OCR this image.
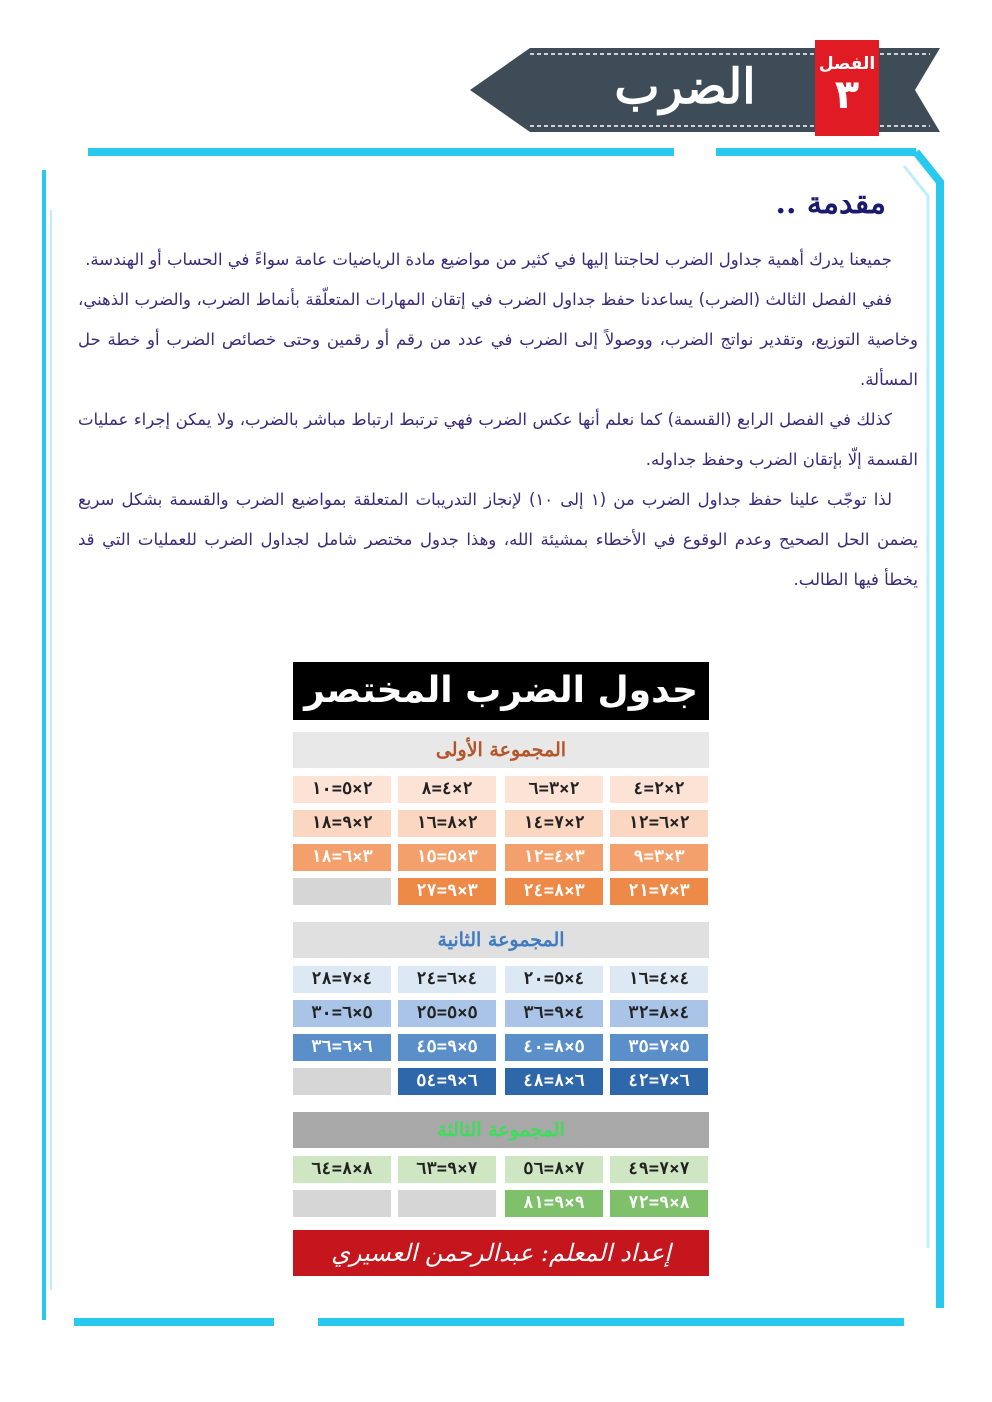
الضرب	الفصل
٣
مقدمة ..

جميعنا يدرك أهمية جداول الضرب لحاجتنا إليها في كثير من مواضيع مادة الرياضيات عامة سواءً في الحساب أو الهندسة.

ففي الفصل الثالث (الضرب) يساعدنا حفظ جداول الضرب في إتقان المهارات المتعلّقة بأنماط الضرب، والضرب الذهني، وخاصية التوزيع، وتقدير نواتج الضرب، ووصولاً إلى الضرب في عدد من رقم أو رقمين وحتى خصائص الضرب أو خطة حل المسألة.

كذلك في الفصل الرابع (القسمة) كما نعلم أنها عكس الضرب فهي ترتبط ارتباط مباشر بالضرب، ولا يمكن إجراء عمليات القسمة إلّا بإتقان الضرب وحفظ جداوله.

لذا توجّب علينا حفظ جداول الضرب من (١ إلى ١٠) لإنجاز التدريبات المتعلقة بمواضيع الضرب والقسمة بشكل سريع يضمن الحل الصحيح وعدم الوقوع في الأخطاء بمشيئة الله، وهذا جدول مختصر شامل لجداول الضرب للعمليات التي قد يخطأ فيها الطالب.

جدول الضرب المختصر
المجموعة الأولى
٢×٢=٤
٢×٣=٦
٢×٤=٨
٢×٥=١٠
٢×٦=١٢
٢×٧=١٤
٢×٨=١٦
٢×٩=١٨
٣×٣=٩
٣×٤=١٢
٣×٥=١٥
٣×٦=١٨
٣×٧=٢١
٣×٨=٢٤
٣×٩=٢٧
المجموعة الثانية
٤×٤=١٦
٤×٥=٢٠
٤×٦=٢٤
٤×٧=٢٨
٤×٨=٣٢
٤×٩=٣٦
٥×٥=٢٥
٥×٦=٣٠
٥×٧=٣٥
٥×٨=٤٠
٥×٩=٤٥
٦×٦=٣٦
٦×٧=٤٢
٦×٨=٤٨
٦×٩=٥٤
المجموعة الثالثة
٧×٧=٤٩
٧×٨=٥٦
٧×٩=٦٣
٨×٨=٦٤
٨×٩=٧٢
٩×٩=٨١
إعداد المعلم: عبدالرحمن العسيري
